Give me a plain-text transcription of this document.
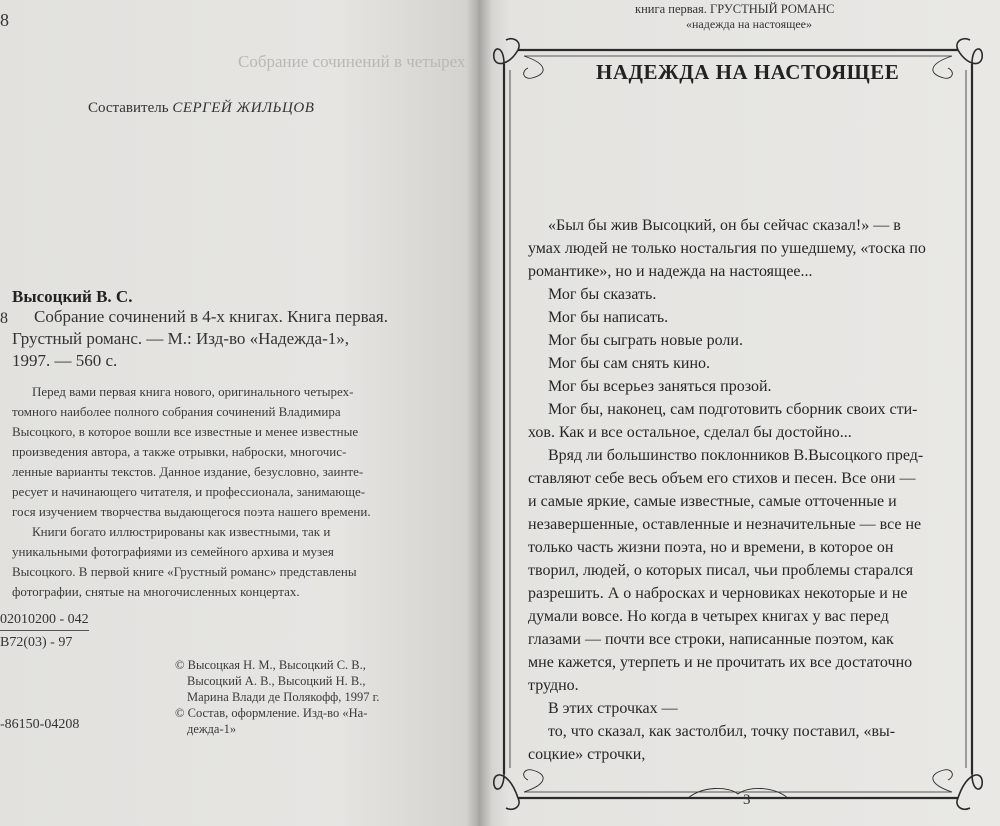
Собрание сочинений в четырех
8
Составитель СЕРГЕЙ ЖИЛЬЦОВ
Высоцкий В. С.
8	Собрание сочинений в 4-х книгах. Книга первая.
Грустный романс. — М.: Изд-во «Надежда-1»,
1997. — 560 с.
Перед вами первая книга нового, оригинального четырех-
томного наиболее полного собрания сочинений Владимира
Высоцкого, в которое вошли все известные и менее известные
произведения автора, а также отрывки, наброски, многочис-
ленные варианты текстов. Данное издание, безусловно, заинте-
ресует и начинающего читателя, и профессионала, занимающе-
гося изучением творчества выдающегося поэта нашего времени.
Книги богато иллюстрированы как известными, так и
уникальными фотографиями из семейного архива и музея
Высоцкого. В первой книге «Грустный романс» представлены
фотографии, снятые на многочисленных концертах.
02010200 - 042
В72(03) - 97
© Высоцкая Н. М., Высоцкий С. В.,
Высоцкий А. В., Высоцкий Н. В.,
Марина Влади де Полякофф, 1997 г.
© Состав, оформление. Изд-во «На-
дежда-1»
-86150-04208
книга первая. ГРУСТНЫЙ РОМАНС
«надежда на настоящее»
НАДЕЖДА НА НАСТОЯЩЕЕ
«Был бы жив Высоцкий, он бы сейчас сказал!» — в
умах людей не только ностальгия по ушедшему, «тоска по
романтике», но и надежда на настоящее...
Мог бы сказать.
Мог бы написать.
Мог бы сыграть новые роли.
Мог бы сам снять кино.
Мог бы всерьез заняться прозой.
Мог бы, наконец, сам подготовить сборник своих сти-
хов. Как и все остальное, сделал бы достойно...
Вряд ли большинство поклонников В.Высоцкого пред-
ставляют себе весь объем его стихов и песен. Все они —
и самые яркие, самые известные, самые отточенные и
незавершенные, оставленные и незначительные — все не
только часть жизни поэта, но и времени, в которое он
творил, людей, о которых писал, чьи проблемы старался
разрешить. А о набросках и черновиках некоторые и не
думали вовсе. Но когда в четырех книгах у вас перед
глазами — почти все строки, написанные поэтом, как
мне кажется, утерпеть и не прочитать их все достаточно
трудно.
В этих строчках —
то, что сказал, как застолбил, точку поставил, «вы-
соцкие» строчки,
3
